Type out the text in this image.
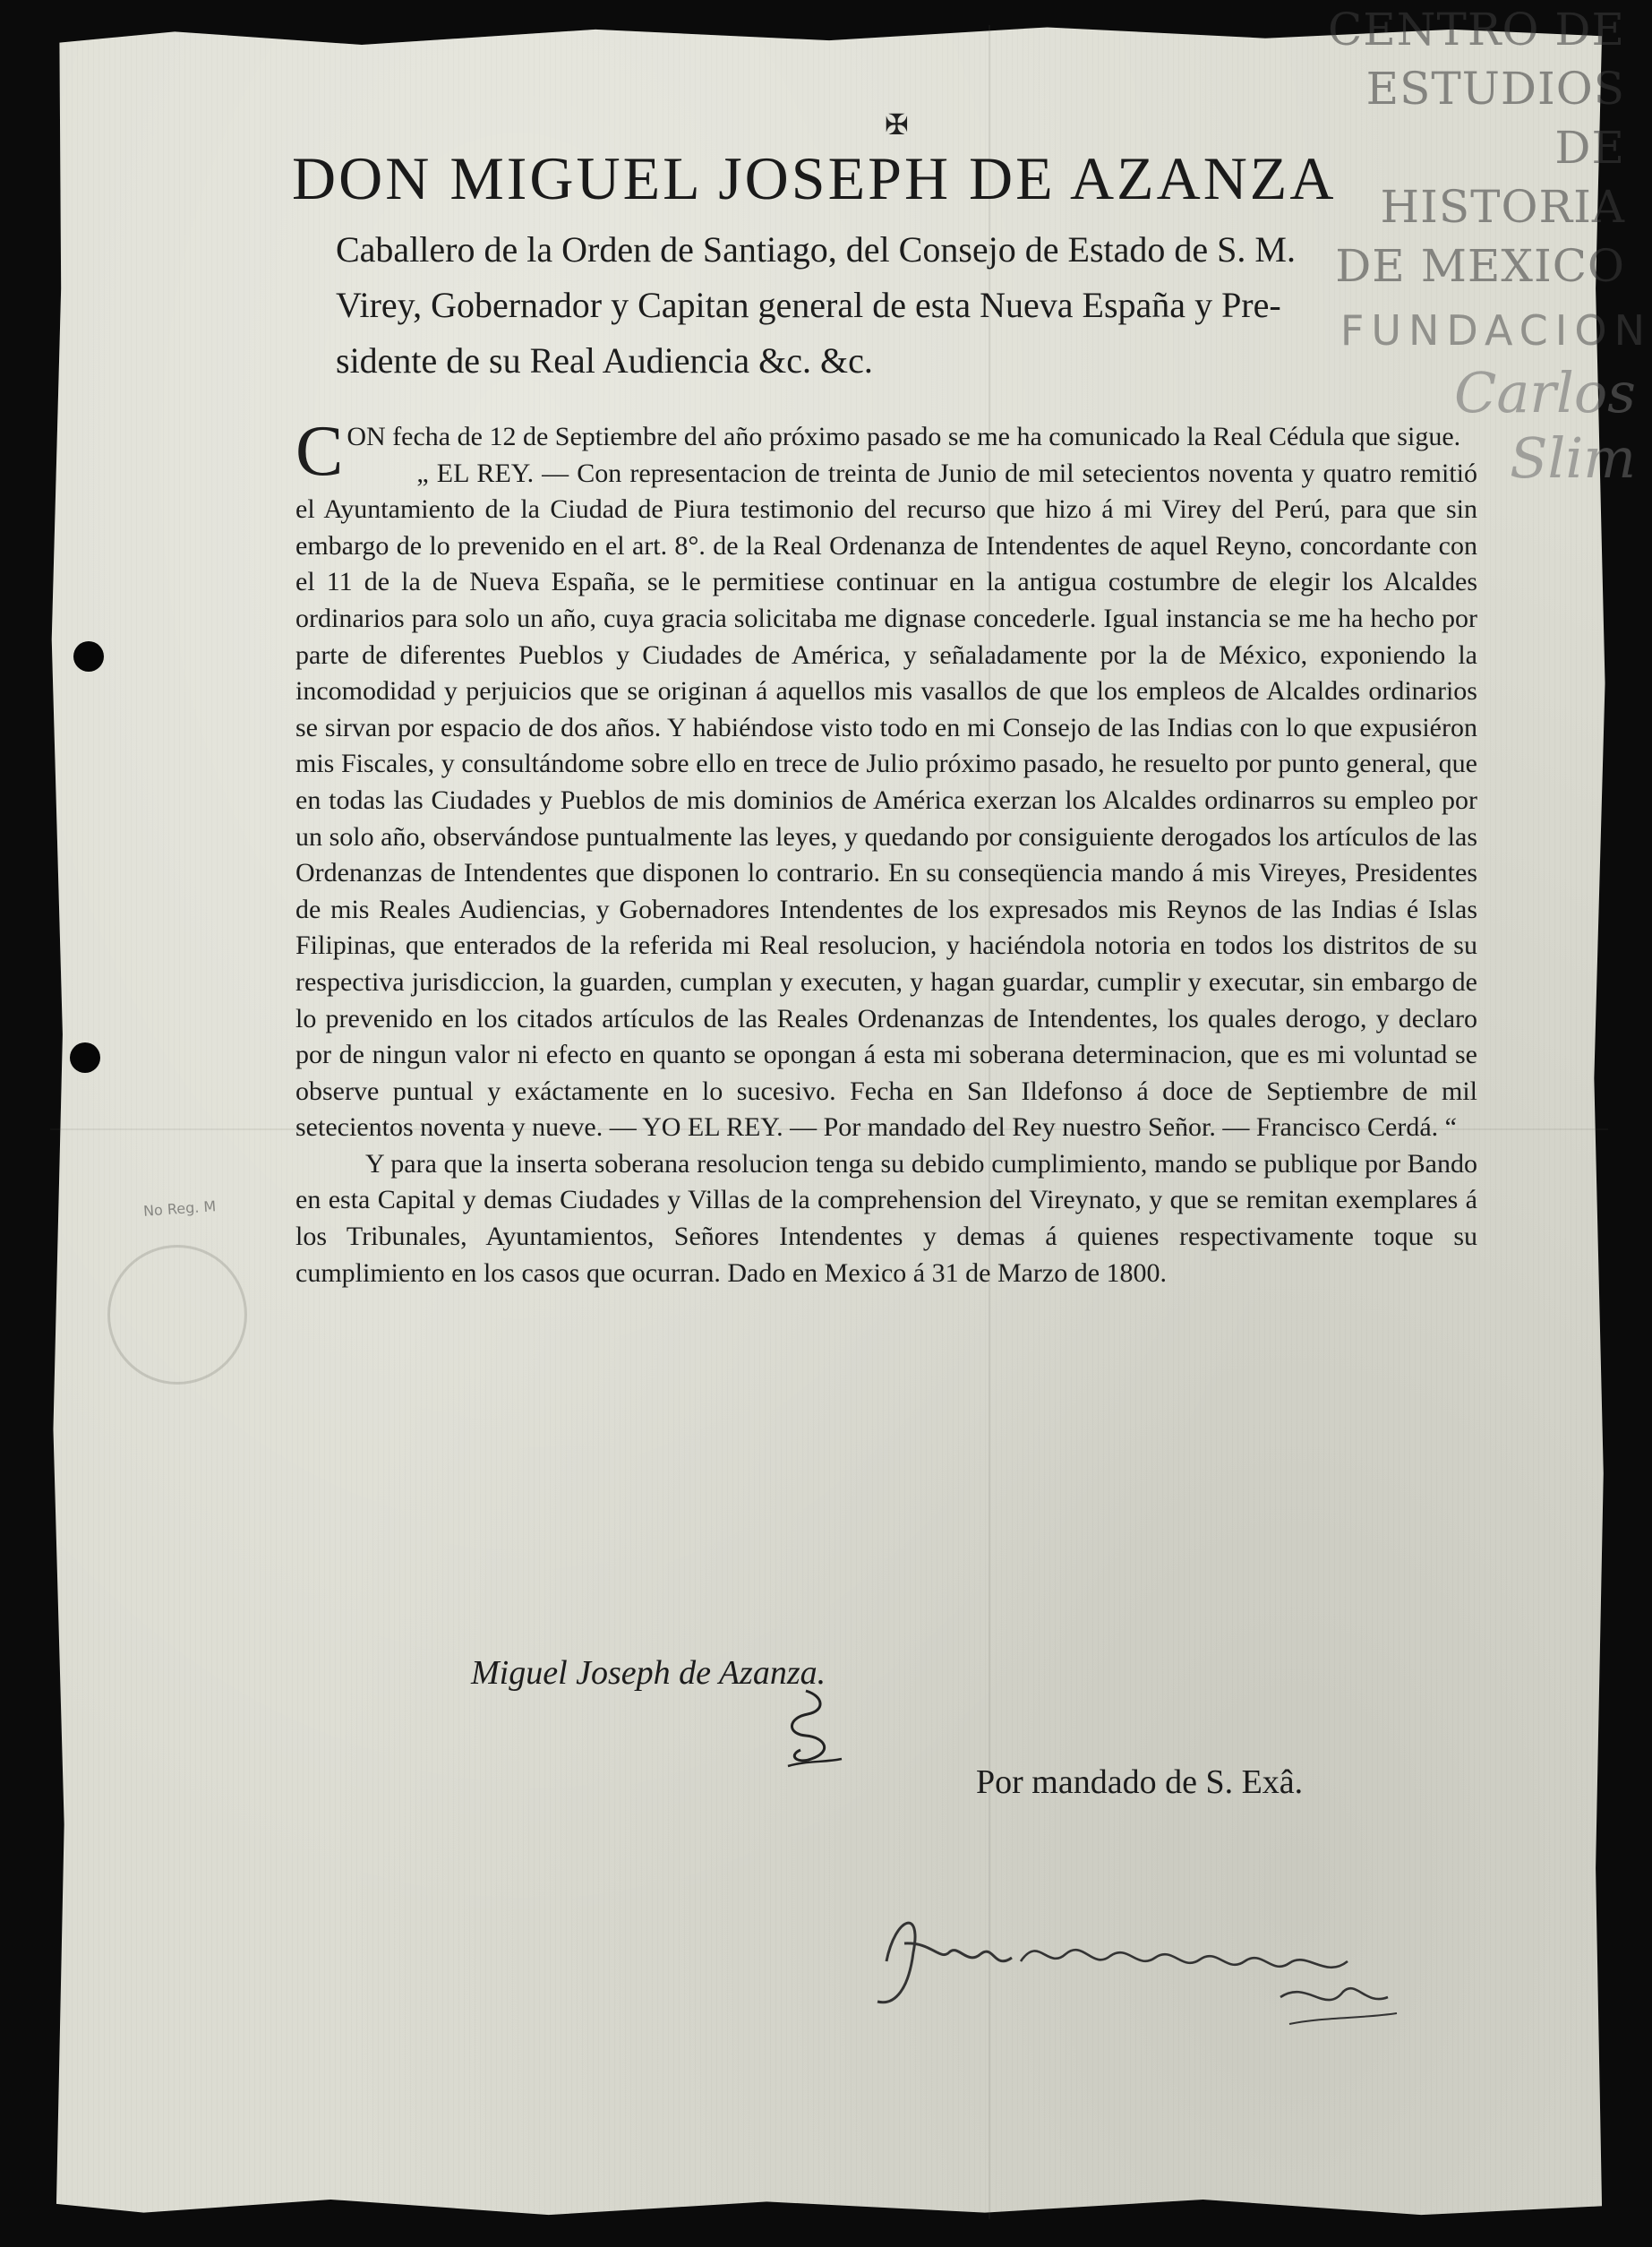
No Reg. M
CENTRO DE
ESTUDIOS
DE HISTORIA
DE MEXICO
FUNDACION
Carlos Slim
✠
DON MIGUEL JOSEPH DE AZANZA
Caballero de la Orden de Santiago, del Consejo de Estado de S. M.
Virey, Gobernador y Capitan general de esta Nueva España y Pre-
sidente de su Real Audiencia &c. &c.

C ON fecha de 12 de Septiembre del año próximo pasado se me ha comunicado la Real Cédula que sigue.

„ EL REY. — Con representacion de treinta de Junio de mil setecientos noventa y quatro remitió el Ayuntamiento de la Ciudad de Piura testimonio del recurso que hizo á mi Virey del Perú, para que sin embargo de lo prevenido en el art. 8°. de la Real Ordenanza de Intendentes de aquel Reyno, concordante con el 11 de la de Nueva España, se le permitiese continuar en la antigua costumbre de elegir los Alcaldes ordinarios para solo un año, cuya gracia solicitaba me dignase concederle. Igual instancia se me ha hecho por parte de diferentes Pueblos y Ciudades de América, y señaladamente por la de México, exponiendo la incomodidad y perjuicios que se originan á aquellos mis vasallos de que los empleos de Alcaldes ordinarios se sirvan por espacio de dos años. Y habiéndose visto todo en mi Consejo de las Indias con lo que expusiéron mis Fiscales, y consultándome sobre ello en trece de Julio próximo pasado, he resuelto por punto general, que en todas las Ciudades y Pueblos de mis dominios de América exerzan los Alcaldes ordinarros su empleo por un solo año, observándose puntualmente las leyes, y quedando por consiguiente derogados los artículos de las Ordenanzas de Intendentes que disponen lo contrario. En su conseqüencia mando á mis Vireyes, Presidentes de mis Reales Audiencias, y Gobernadores Intendentes de los expresados mis Reynos de las Indias é Islas Filipinas, que enterados de la referida mi Real resolucion, y haciéndola notoria en todos los distritos de su respectiva jurisdiccion, la guarden, cumplan y executen, y hagan guardar, cumplir y executar, sin embargo de lo prevenido en los citados artículos de las Reales Ordenanzas de Intendentes, los quales derogo, y declaro por de ningun valor ni efecto en quanto se opongan á esta mi soberana determinacion, que es mi voluntad se observe puntual y exáctamente en lo sucesivo. Fecha en San Ildefonso á doce de Septiembre de mil setecientos noventa y nueve. — YO EL REY. — Por mandado del Rey nuestro Señor. — Francisco Cerdá. “

Y para que la inserta soberana resolucion tenga su debido cumplimiento, mando se publique por Bando en esta Capital y demas Ciudades y Villas de la comprehension del Vireynato, y que se remitan exemplares á los Tribunales, Ayuntamientos, Señores Intendentes y demas á quienes respectivamente toque su cumplimiento en los casos que ocurran. Dado en Mexico á 31 de Marzo de 1800.

Miguel Joseph de Azanza.
Por mandado de S. Exâ.
